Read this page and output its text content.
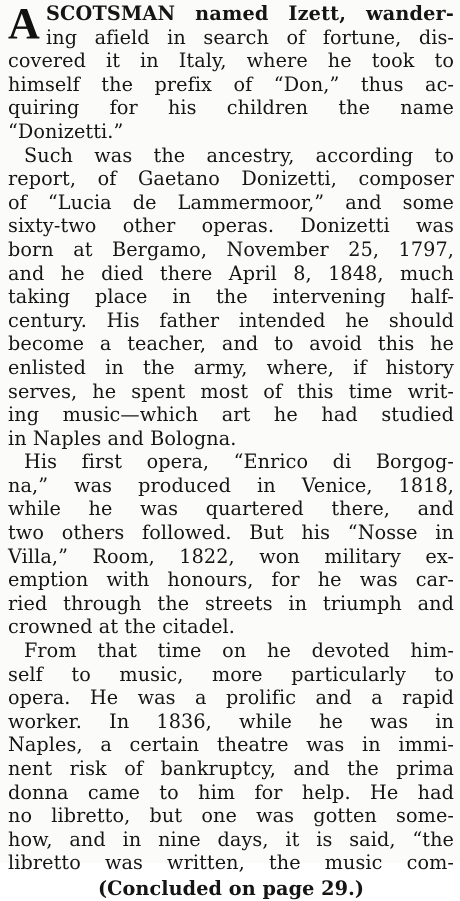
A SCOTSMAN named Izett, wander-
ing afield in search of fortune, dis-
covered it in Italy, where he took to
himself the prefix of “Don,” thus ac-
quiring for his children the name
“Donizetti.”
Such was the ancestry, according to
report, of Gaetano Donizetti, composer
of “Lucia de Lammermoor,” and some
sixty-two other operas. Donizetti was
born at Bergamo, November 25, 1797,
and he died there April 8, 1848, much
taking place in the intervening half-
century. His father intended he should
become a teacher, and to avoid this he
enlisted in the army, where, if history
serves, he spent most of this time writ-
ing music—which art he had studied
in Naples and Bologna.
His first opera, “Enrico di Borgog-
na,” was produced in Venice, 1818,
while he was quartered there, and
two others followed. But his “Nosse in
Villa,” Room, 1822, won military ex-
emption with honours, for he was car-
ried through the streets in triumph and
crowned at the citadel.
From that time on he devoted him-
self to music, more particularly to
opera. He was a prolific and a rapid
worker. In 1836, while he was in
Naples, a certain theatre was in immi-
nent risk of bankruptcy, and the prima
donna came to him for help. He had
no libretto, but one was gotten some-
how, and in nine days, it is said, “the
libretto was written, the music com-
(Concluded on page 29.)
